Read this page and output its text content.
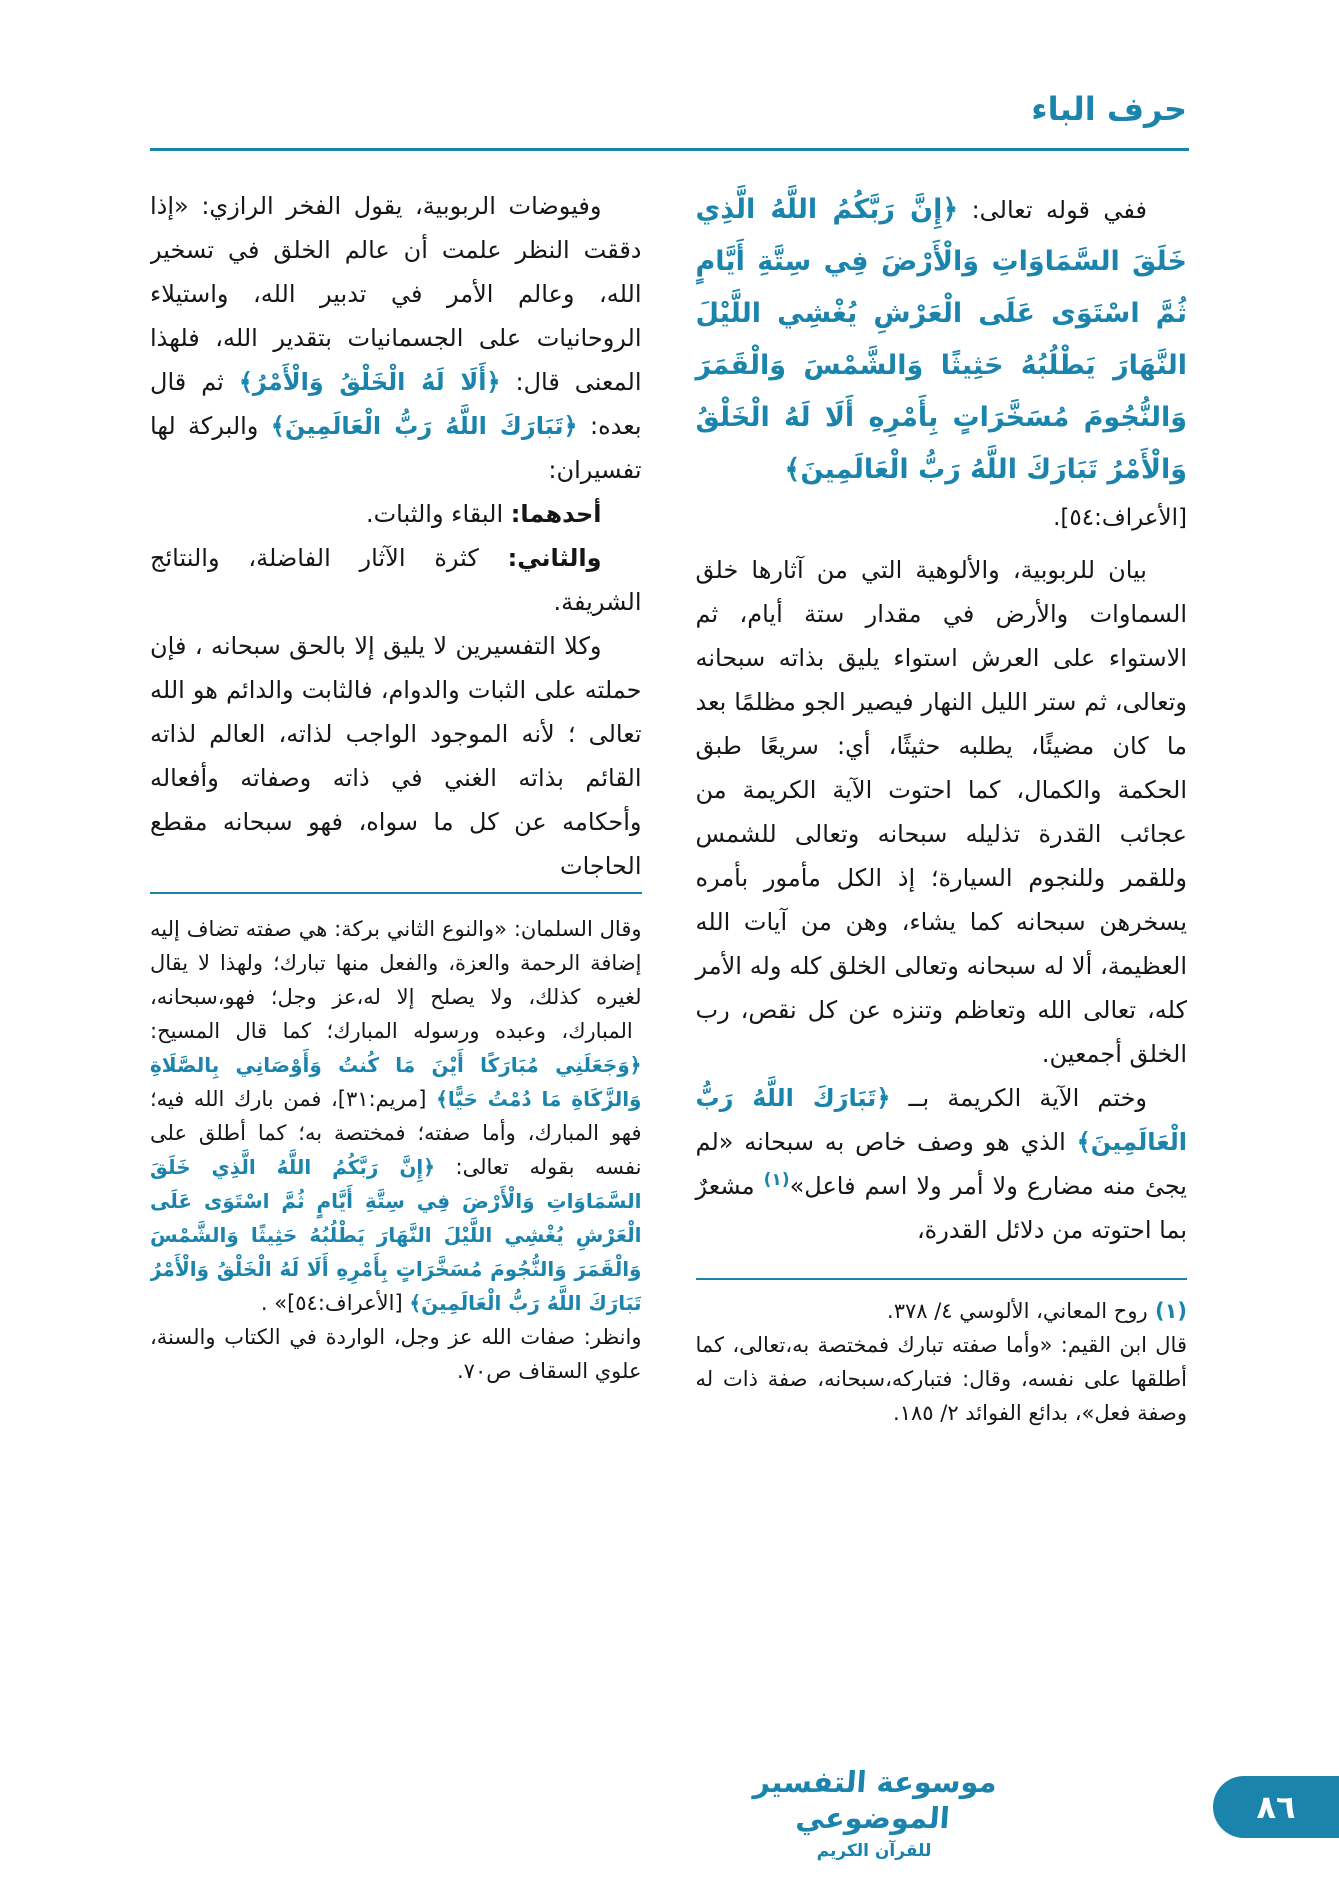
حرف الباء

ففي قوله تعالى: ﴿إِنَّ رَبَّكُمُ اللَّهُ الَّذِي خَلَقَ السَّمَاوَاتِ وَالْأَرْضَ فِي سِتَّةِ أَيَّامٍ ثُمَّ اسْتَوَى عَلَى الْعَرْشِ يُغْشِي اللَّيْلَ النَّهَارَ يَطْلُبُهُ حَثِيثًا وَالشَّمْسَ وَالْقَمَرَ وَالنُّجُومَ مُسَخَّرَاتٍ بِأَمْرِهِ أَلَا لَهُ الْخَلْقُ وَالْأَمْرُ تَبَارَكَ اللَّهُ رَبُّ الْعَالَمِينَ﴾

[الأعراف:٥٤].

بيان للربوبية، والألوهية التي من آثارها خلق السماوات والأرض في مقدار ستة أيام، ثم الاستواء على العرش استواء يليق بذاته سبحانه وتعالى، ثم ستر الليل النهار فيصير الجو مظلمًا بعد ما كان مضيئًا، يطلبه حثيثًا، أي: سريعًا طبق الحكمة والكمال، كما احتوت الآية الكريمة من عجائب القدرة تذليله سبحانه وتعالى للشمس وللقمر وللنجوم السيارة؛ إذ الكل مأمور بأمره يسخرهن سبحانه كما يشاء، وهن من آيات الله العظيمة، ألا له سبحانه وتعالى الخلق كله وله الأمر كله، تعالى الله وتعاظم وتنزه عن كل نقص، رب الخلق أجمعين.

وختم الآية الكريمة بــ ﴿تَبَارَكَ اللَّهُ رَبُّ الْعَالَمِينَ﴾ الذي هو وصف خاص به سبحانه «لم يجئ منه مضارع ولا أمر ولا اسم فاعل»$^{(١)}$ مشعرٌ بما احتوته من دلائل القدرة،

(١) روح المعاني، الألوسي ٤/ ٣٧٨.

قال ابن القيم: «وأما صفته تبارك فمختصة به،تعالى، كما أطلقها على نفسه، وقال: فتباركه،سبحانه، صفة ذات له وصفة فعل»، بدائع الفوائد ٢/ ١٨٥.

وفيوضات الربوبية، يقول الفخر الرازي: «إذا دققت النظر علمت أن عالم الخلق في تسخير الله، وعالم الأمر في تدبير الله، واستيلاء الروحانيات على الجسمانيات بتقدير الله، فلهذا المعنى قال: ﴿أَلَا لَهُ الْخَلْقُ وَالْأَمْرُ﴾ ثم قال بعده: ﴿تَبَارَكَ اللَّهُ رَبُّ الْعَالَمِينَ﴾ والبركة لها تفسيران:

أحدهما: البقاء والثبات.

والثاني: كثرة الآثار الفاضلة، والنتائج الشريفة.

وكلا التفسيرين لا يليق إلا بالحق سبحانه ، فإن حملته على الثبات والدوام، فالثابت والدائم هو الله تعالى ؛ لأنه الموجود الواجب لذاته، العالم لذاته القائم بذاته الغني في ذاته وصفاته وأفعاله وأحكامه عن كل ما سواه، فهو سبحانه مقطع الحاجات

وقال السلمان: «والنوع الثاني بركة: هي صفته تضاف إليه إضافة الرحمة والعزة، والفعل منها تبارك؛ ولهذا لا يقال لغيره كذلك، ولا يصلح إلا له،عز وجل؛ فهو،سبحانه، المبارك، وعبده ورسوله المبارك؛ كما قال المسيح: ﴿وَجَعَلَنِي مُبَارَكًا أَيْنَ مَا كُنتُ وَأَوْصَانِي بِالصَّلَاةِ وَالزَّكَاةِ مَا دُمْتُ حَيًّا﴾ [مريم:٣١]، فمن بارك الله فيه؛ فهو المبارك، وأما صفته؛ فمختصة به؛ كما أطلق على نفسه بقوله تعالى: ﴿إِنَّ رَبَّكُمُ اللَّهُ الَّذِي خَلَقَ السَّمَاوَاتِ وَالْأَرْضَ فِي سِتَّةِ أَيَّامٍ ثُمَّ اسْتَوَى عَلَى الْعَرْشِ يُغْشِي اللَّيْلَ النَّهَارَ يَطْلُبُهُ حَثِيثًا وَالشَّمْسَ وَالْقَمَرَ وَالنُّجُومَ مُسَخَّرَاتٍ بِأَمْرِهِ أَلَا لَهُ الْخَلْقُ وَالْأَمْرُ تَبَارَكَ اللَّهُ رَبُّ الْعَالَمِينَ﴾ [الأعراف:٥٤]» .

وانظر: صفات الله عز وجل، الواردة في الكتاب والسنة، علوي السقاف ص٧٠.

موسوعة التفسير الموضوعي
للقرآن الكريم
٨٦
